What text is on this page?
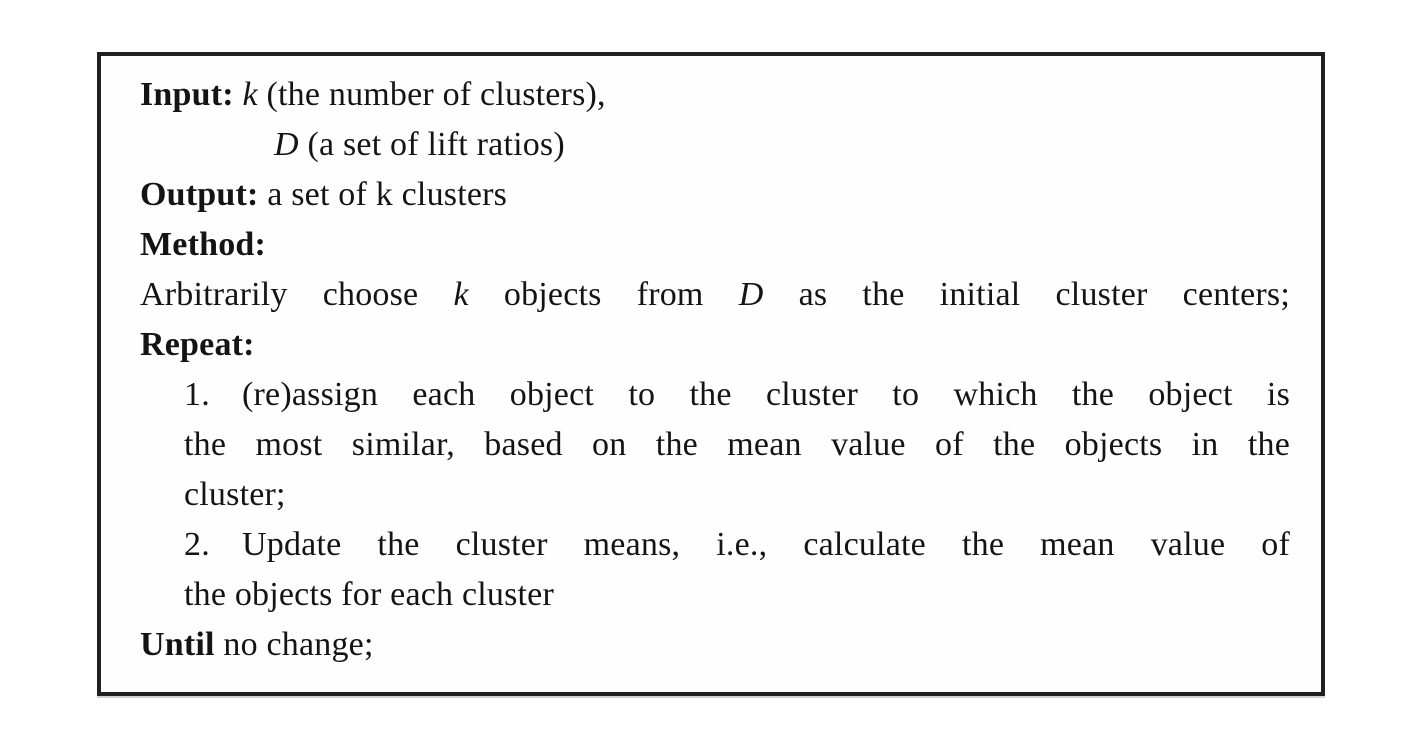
Input: k (the number of clusters),
D (a set of lift ratios)
Output: a set of k clusters
Method:
Arbitrarily choose k objects from D as the initial cluster centers;
Repeat:
1. (re)assign each object to the cluster to which the object is
the most similar, based on the mean value of the objects in the
cluster;
2. Update the cluster means, i.e., calculate the mean value of
the objects for each cluster
Until no change;
